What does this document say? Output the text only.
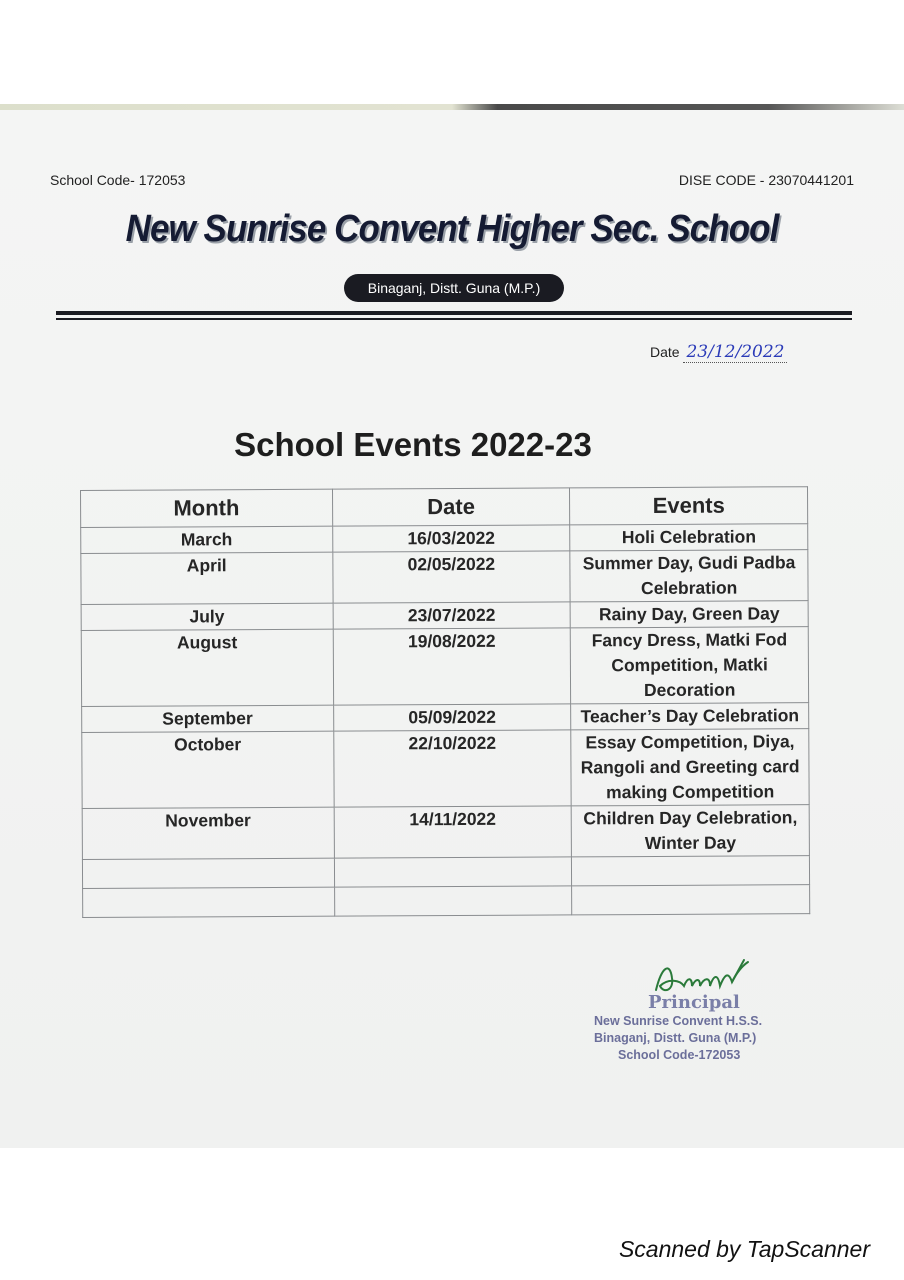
School Code- 172053	DISE CODE - 23070441201
New Sunrise Convent Higher Sec. School
Binaganj, Distt. Guna (M.P.)
Date 23/12/2022
School Events 2022-23
Month	Date	Events
March	16/03/2022	Holi Celebration
April	02/05/2022	Summer Day, Gudi Padba Celebration
July	23/07/2022	Rainy Day, Green Day
August	19/08/2022	Fancy Dress, Matki Fod Competition, Matki Decoration
September	05/09/2022	Teacher’s Day Celebration
October	22/10/2022	Essay Competition, Diya, Rangoli and Greeting card making Competition
November	14/11/2022	Children Day Celebration, Winter Day

Principal
New Sunrise Convent H.S.S.
Binaganj, Distt. Guna (M.P.)
School Code-172053
Scanned by TapScanner
